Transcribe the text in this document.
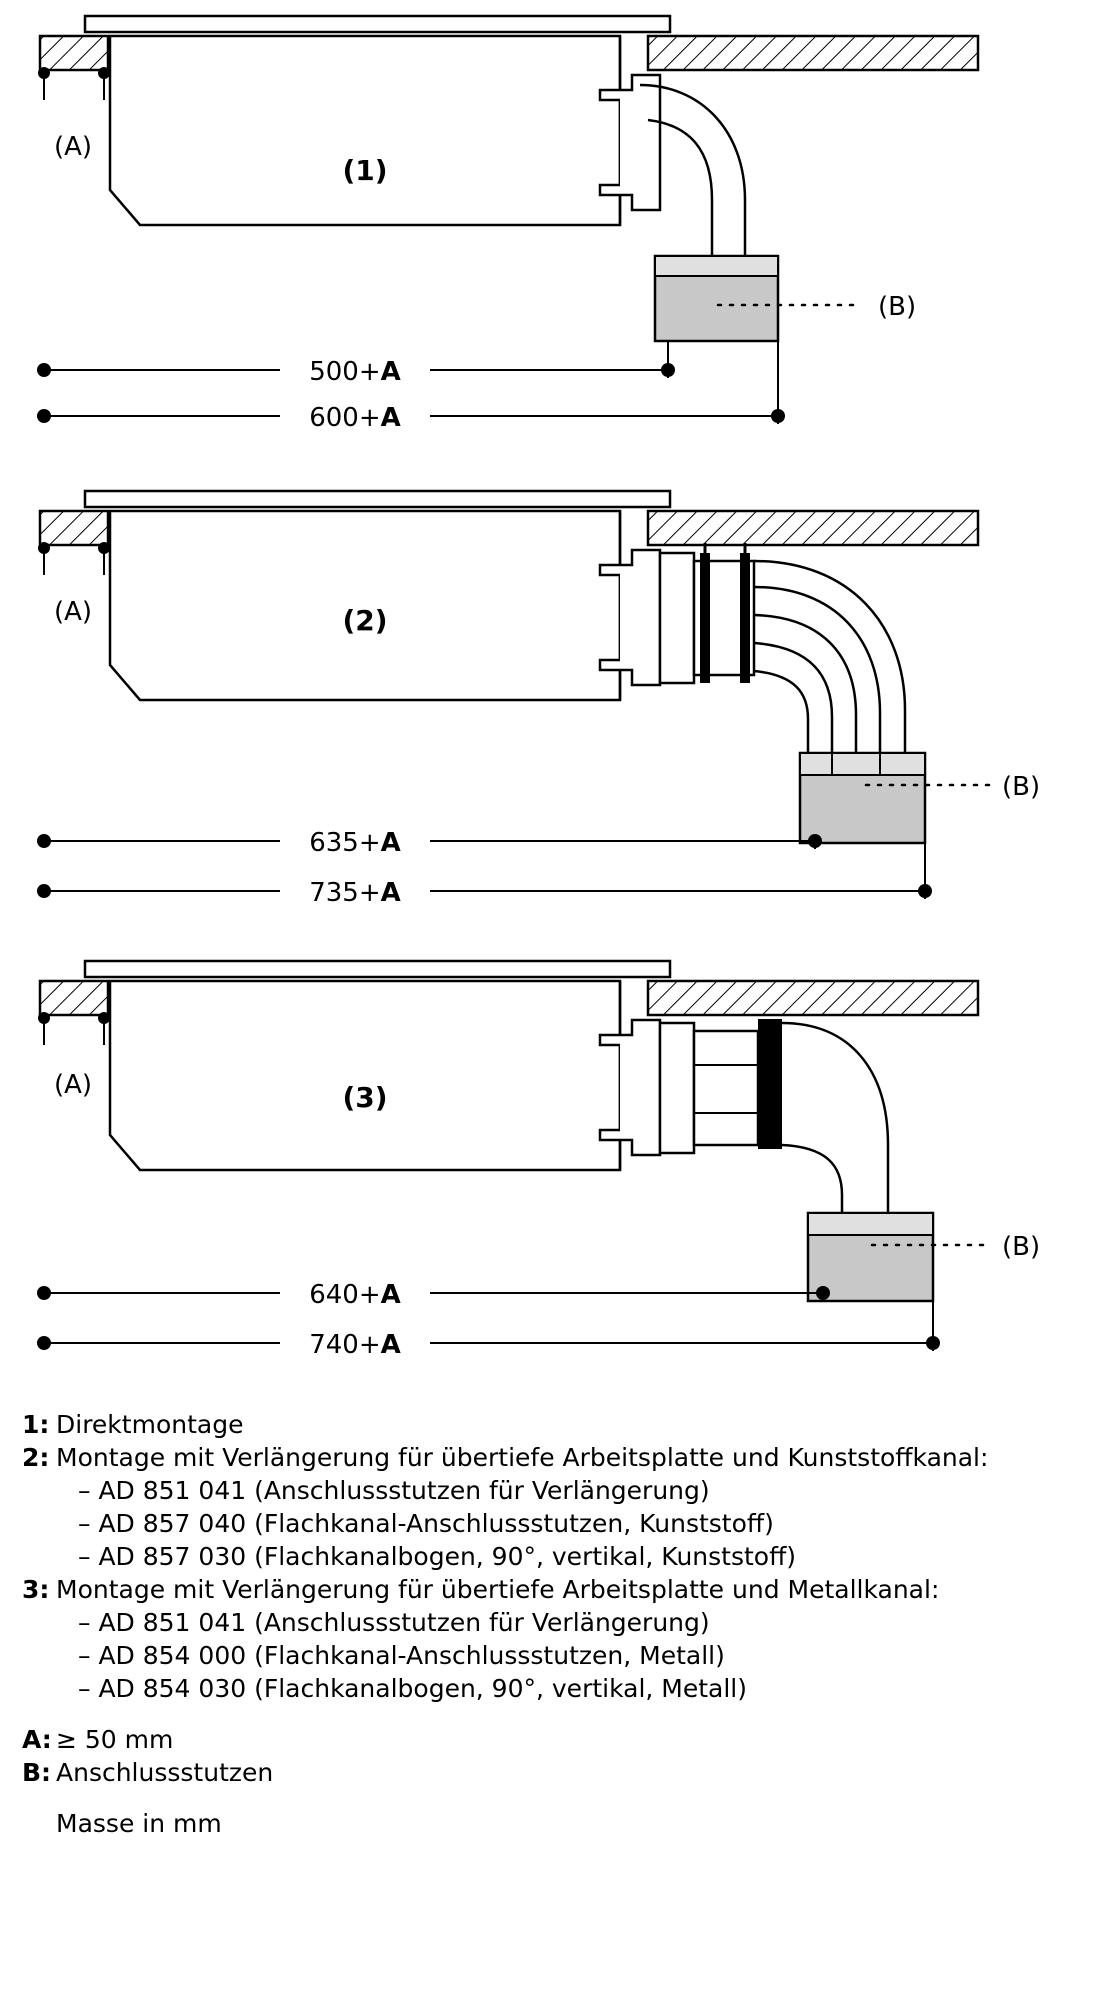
(A)
(1)
(B)
500+A
600+A
(A)	(2)
(B)
635+A
735+A
(A)	(3)
(B)
640+A
740+A
1: Direktmontage
2: Montage mit Verlängerung für übertiefe Arbeitsplatte und Kunststoffkanal:
– AD 851 041 (Anschlussstutzen für Verlängerung)
– AD 857 040 (Flachkanal-Anschlussstutzen, Kunststoff)
– AD 857 030 (Flachkanalbogen, 90°, vertikal, Kunststoff)
3: Montage mit Verlängerung für übertiefe Arbeitsplatte und Metallkanal:
– AD 851 041 (Anschlussstutzen für Verlängerung)
– AD 854 000 (Flachkanal-Anschlussstutzen, Metall)
– AD 854 030 (Flachkanalbogen, 90°, vertikal, Metall)
A: ≥ 50 mm
B: Anschlussstutzen
Masse in mm
